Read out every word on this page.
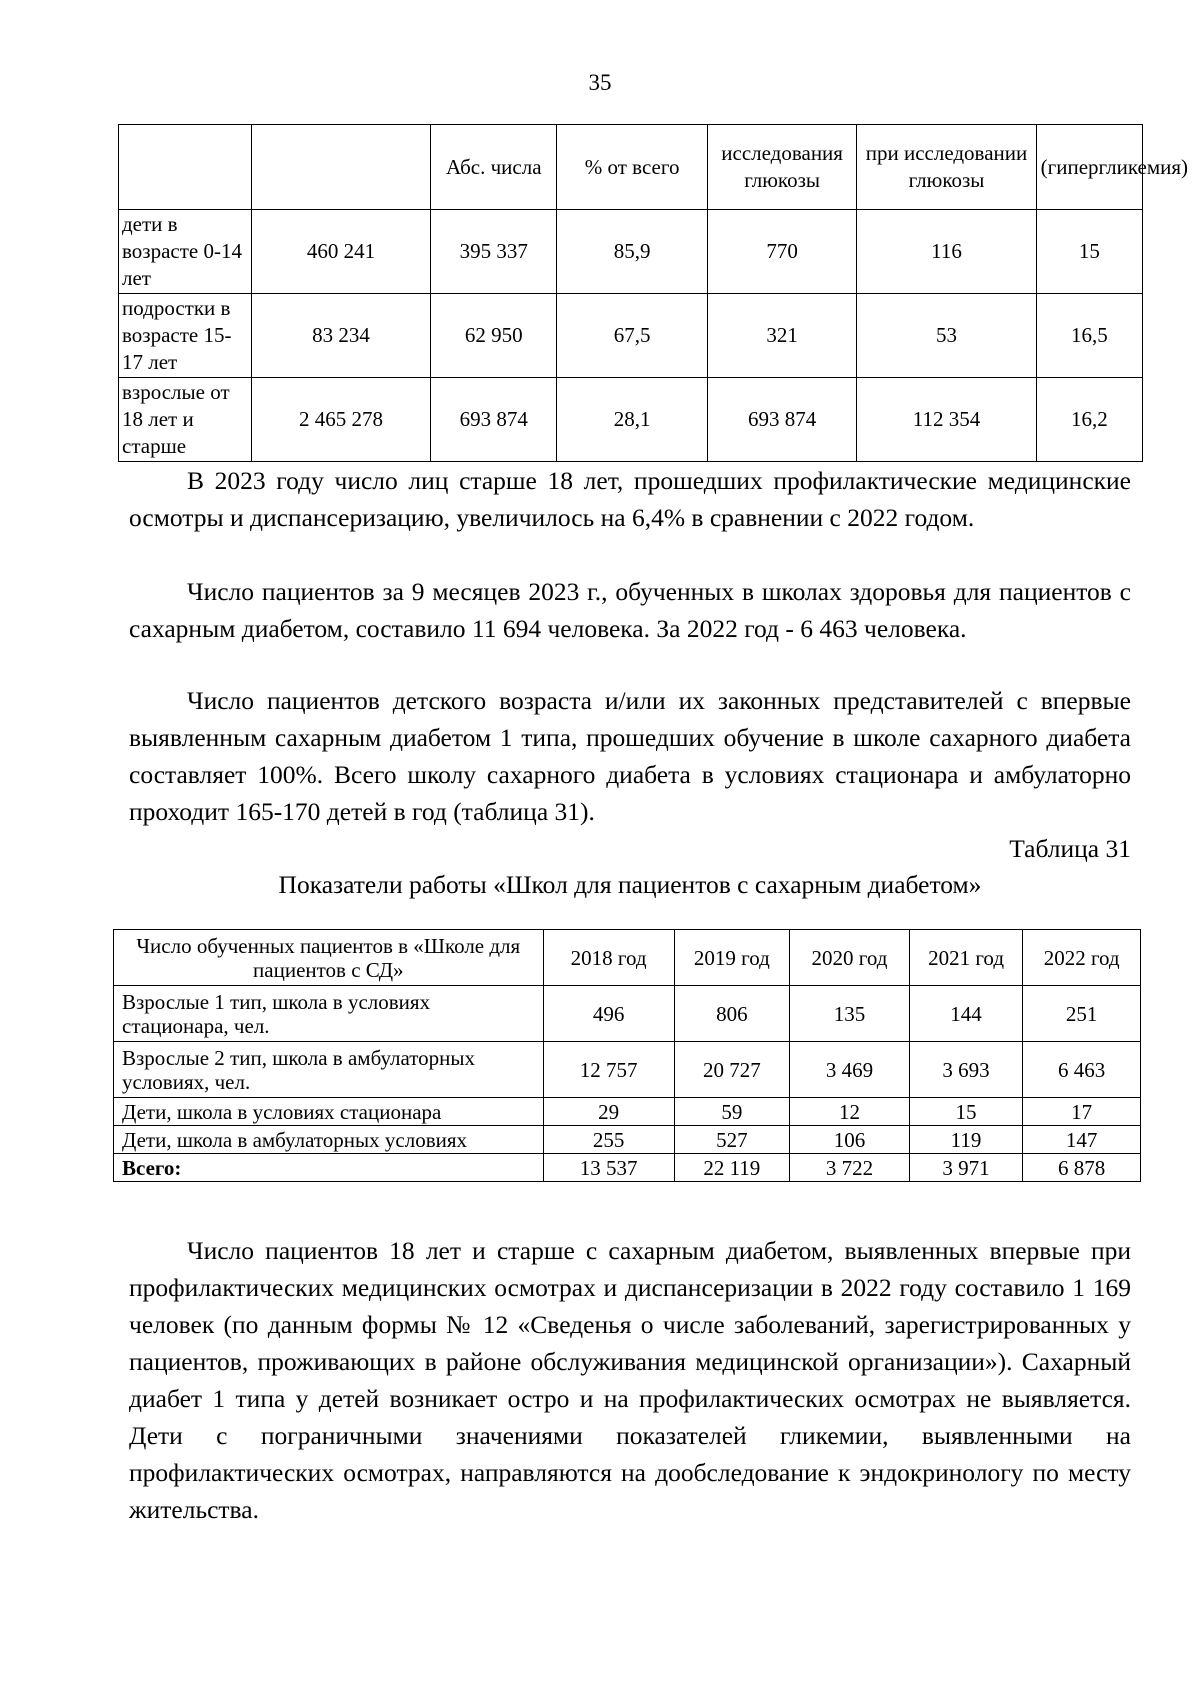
35
		Абс. числа	% от всего	исследования глюкозы	при исследовании глюкозы	(гипергликемия)
дети в возрасте 0-14 лет	460 241	395 337	85,9	770	116	15
подростки в возрасте 15-17 лет	83 234	62 950	67,5	321	53	16,5
взрослые от 18 лет и старше	2 465 278	693 874	28,1	693 874	112 354	16,2

В 2023 году число лиц старше 18 лет, прошедших профилактические медицинские осмотры и диспансеризацию, увеличилось на 6,4% в сравнении с 2022 годом.

Число пациентов за 9 месяцев 2023 г., обученных в школах здоровья для пациентов с сахарным диабетом, составило 11 694 человека. За 2022 год - 6 463 человека.

Число пациентов детского возраста и/или их законных представителей с впервые выявленным сахарным диабетом 1 типа, прошедших обучение в школе сахарного диабета составляет 100%. Всего школу сахарного диабета в условиях стационара и амбулаторно проходит 165-170 детей в год (таблица 31).

Таблица 31

Показатели работы «Школ для пациентов с сахарным диабетом»

Число обученных пациентов в «Школе для пациентов с СД»	2018 год	2019 год	2020 год	2021 год	2022 год
Взрослые 1 тип, школа в условиях стационара, чел.	496	806	135	144	251
Взрослые 2 тип, школа в амбулаторных условиях, чел.	12 757	20 727	3 469	3 693	6 463
Дети, школа в условиях стационара	29	59	12	15	17
Дети, школа в амбулаторных условиях	255	527	106	119	147
Всего:	13 537	22 119	3 722	3 971	6 878

Число пациентов 18 лет и старше с сахарным диабетом, выявленных впервые при профилактических медицинских осмотрах и диспансеризации в 2022 году составило 1 169 человек (по данным формы № 12 «Сведенья о числе заболеваний, зарегистрированных у пациентов, проживающих в районе обслуживания медицинской организации»). Сахарный диабет 1 типа у детей возникает остро и на профилактических осмотрах не выявляется. Дети с пограничными значениями показателей гликемии, выявленными на профилактических осмотрах, направляются на дообследование к эндокринологу по месту жительства.
